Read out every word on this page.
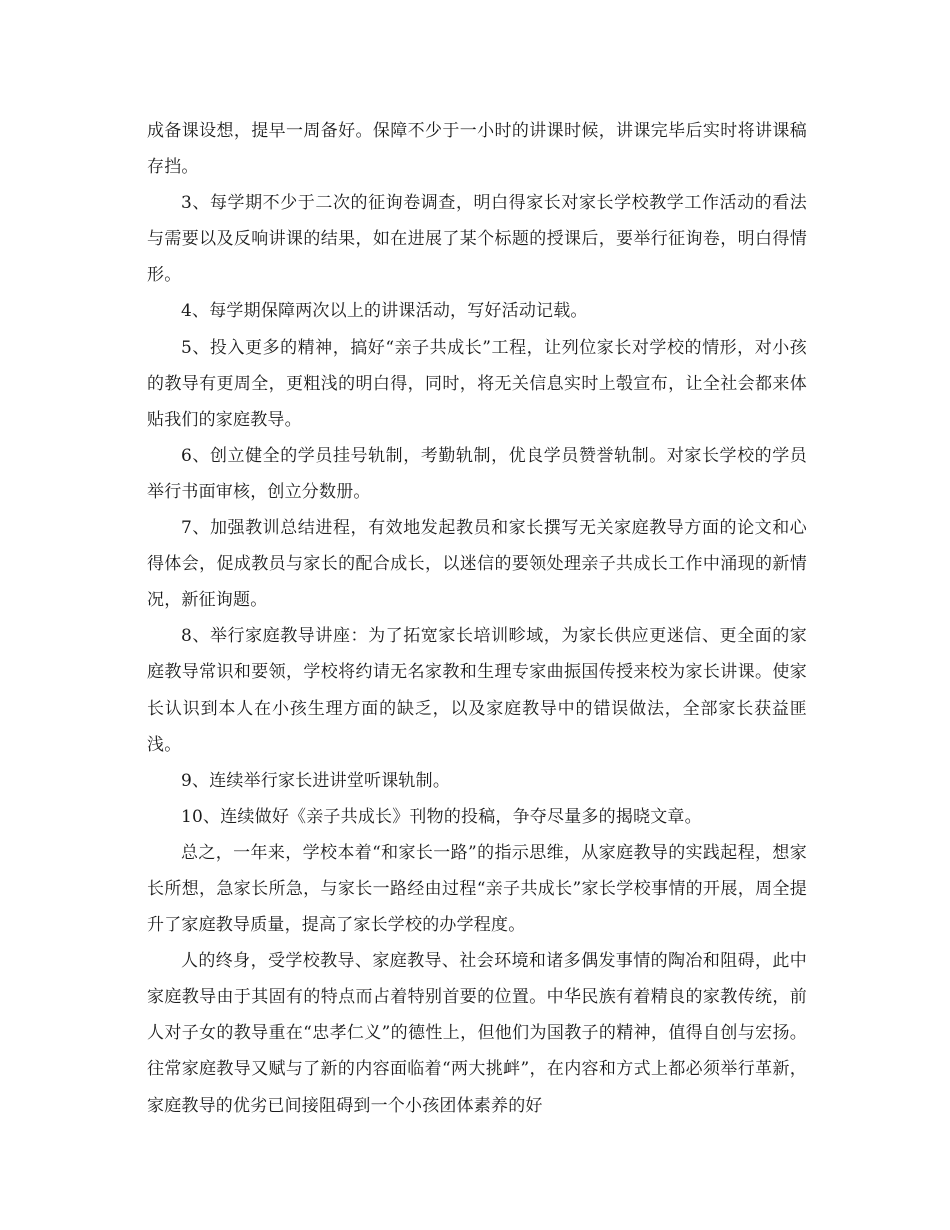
成备课设想，提早一周备好。保障不少于一小时的讲课时候，讲课完毕后实时将讲课稿存挡。

3、每学期不少于二次的征询卷调查，明白得家长对家长学校教学工作活动的看法与需要以及反响讲课的结果，如在进展了某个标题的授课后，要举行征询卷，明白得情形。

4、每学期保障两次以上的讲课活动，写好活动记载。

5、投入更多的精神，搞好“亲子共成长”工程，让列位家长对学校的情形，对小孩的教导有更周全，更粗浅的明白得，同时，将无关信息实时上彀宣布，让全社会都来体贴我们的家庭教导。

6、创立健全的学员挂号轨制，考勤轨制，优良学员赞誉轨制。对家长学校的学员举行书面审核，创立分数册。

7、加强教训总结进程，有效地发起教员和家长撰写无关家庭教导方面的论文和心得体会，促成教员与家长的配合成长，以迷信的要领处理亲子共成长工作中涌现的新情况，新征询题。

8、举行家庭教导讲座：为了拓宽家长培训畛域，为家长供应更迷信、更全面的家庭教导常识和要领，学校将约请无名家教和生理专家曲振国传授来校为家长讲课。使家长认识到本人在小孩生理方面的缺乏，以及家庭教导中的错误做法，全部家长获益匪浅。

9、连续举行家长进讲堂听课轨制。

10、连续做好《亲子共成长》刊物的投稿，争夺尽量多的揭晓文章。

总之，一年来，学校本着“和家长一路”的指示思维，从家庭教导的实践起程，想家长所想，急家长所急，与家长一路经由过程“亲子共成长”家长学校事情的开展，周全提升了家庭教导质量，提高了家长学校的办学程度。

人的终身，受学校教导、家庭教导、社会环境和诸多偶发事情的陶冶和阻碍，此中家庭教导由于其固有的特点而占着特别首要的位置。中华民族有着精良的家教传统，前人对子女的教导重在“忠孝仁义”的德性上，但他们为国教子的精神，值得自创与宏扬。往常家庭教导又赋与了新的内容面临着“两大挑衅”，在内容和方式上都必须举行革新，家庭教导的优劣已间接阻碍到一个小孩团体素养的好
